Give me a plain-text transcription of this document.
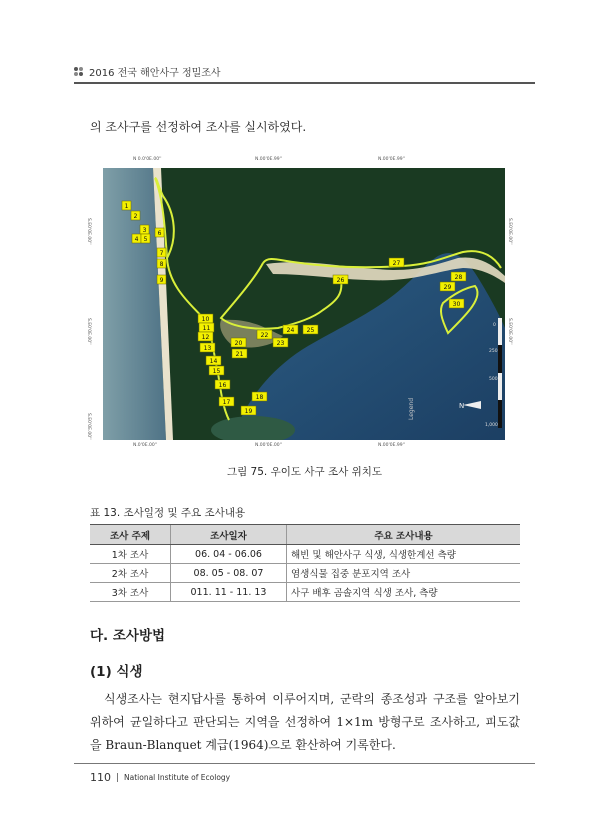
2016 전국 해안사구 정밀조사
의 조사구를 선정하여 조사를 실시하였다.
1
2
3
4 5
6
7
8
9
10
11
12
13
14
15
16
17
18
19
20
21
22
23
24 25
26
27
28
29
30
Legend	N
0
250
500
1,000
N 0.0'0E.00''	N.00'0E.99''	N.00'0E.99''
N.0'0E.00''	N.00'0E.00''	N.00'0E.99''
S.E0'0E.00''
S.E0'0E.00''
S.E0'0E.00''
S.E0'0E.00''
S.E0'0E.00''
그림 75. 우이도 사구 조사 위치도
표 13. 조사일정 및 주요 조사내용
조사 주제	조사일자	주요 조사내용
1차 조사	06. 04 - 06.06	해빈 및 해안사구 식생, 식생한계선 측량
2차 조사	08. 05 - 08. 07	염생식물 집중 분포지역 조사
3차 조사	011. 11 - 11. 13	사구 배후 곰솔지역 식생 조사, 측량
다. 조사방법
(1) 식생

식생조사는 현지답사를 통하여 이루어지며, 군락의 종조성과 구조를 알아보기 위하여 균일하다고 판단되는 지역을 선정하여 1×1m 방형구로 조사하고, 피도값을 Braun-Blanquet 계급(1964)으로 환산하여 기록한다.

110 National Institute of Ecology
